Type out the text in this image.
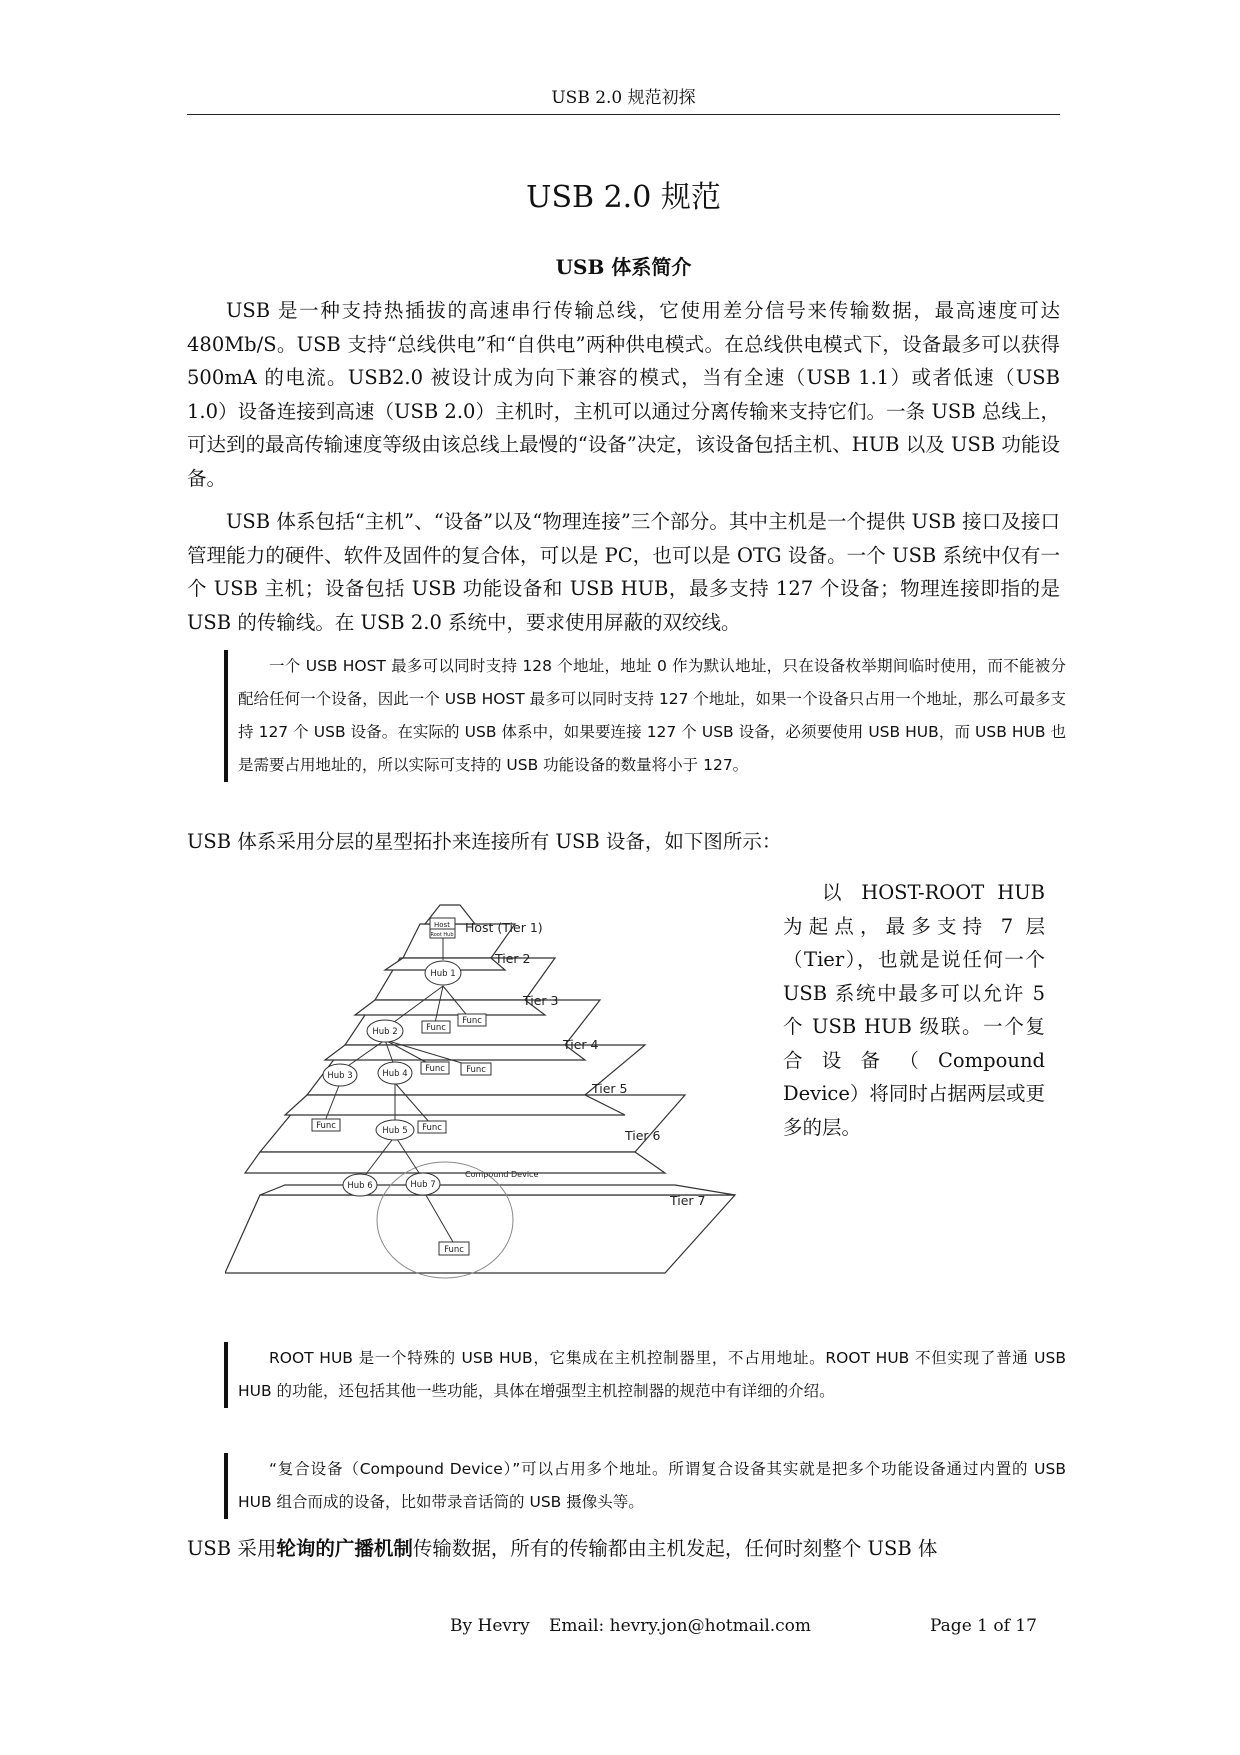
USB 2.0 规范初探
USB 2.0 规范
USB 体系简介

USB 是一种支持热插拔的高速串行传输总线，它使用差分信号来传输数据，最高速度可达 480Mb/S。USB 支持“总线供电”和“自供电”两种供电模式。在总线供电模式下，设备最多可以获得 500mA 的电流。USB2.0 被设计成为向下兼容的模式，当有全速（USB 1.1）或者低速（USB 1.0）设备连接到高速（USB 2.0）主机时，主机可以通过分离传输来支持它们。一条 USB 总线上，可达到的最高传输速度等级由该总线上最慢的“设备”决定，该设备包括主机、HUB 以及 USB 功能设备。

USB 体系包括“主机”、“设备”以及“物理连接”三个部分。其中主机是一个提供 USB 接口及接口管理能力的硬件、软件及固件的复合体，可以是 PC，也可以是 OTG 设备。一个 USB 系统中仅有一个 USB 主机；设备包括 USB 功能设备和 USB HUB，最多支持 127 个设备；物理连接即指的是 USB 的传输线。在 USB 2.0 系统中，要求使用屏蔽的双绞线。

一个 USB HOST 最多可以同时支持 128 个地址，地址 0 作为默认地址，只在设备枚举期间临时使用，而不能被分配给任何一个设备，因此一个 USB HOST 最多可以同时支持 127 个地址，如果一个设备只占用一个地址，那么可最多支持 127 个 USB 设备。在实际的 USB 体系中，如果要连接 127 个 USB 设备，必须要使用 USB HUB，而 USB HUB 也是需要占用地址的，所以实际可支持的 USB 功能设备的数量将小于 127。

USB 体系采用分层的星型拓扑来连接所有 USB 设备，如下图所示：

Host
Root Hub
Hub 1
Hub 2
Hub 3	Hub 4
Hub 5
Hub 6	Hub 7
Func
Func
Func Func
Func	Func
Func
Compound Device
Host (Tier 1)
Tier 2
Tier 3
Tier 4
Tier 5
Tier 6
Tier 7
以 HOST-ROOT HUB 为起点，最多支持 7 层（Tier），也就是说任何一个 USB 系统中最多可以允许 5 个 USB HUB 级联。一个复合设备（Compound Device）将同时占据两层或更多的层。
ROOT HUB 是一个特殊的 USB HUB，它集成在主机控制器里，不占用地址。ROOT HUB 不但实现了普通 USB HUB 的功能，还包括其他一些功能，具体在增强型主机控制器的规范中有详细的介绍。
“复合设备（Compound Device）”可以占用多个地址。所谓复合设备其实就是把多个功能设备通过内置的 USB HUB 组合而成的设备，比如带录音话筒的 USB 摄像头等。

USB 采用轮询的广播机制传输数据，所有的传输都由主机发起，任何时刻整个 USB 体

By Hevry Email: hevry.jon@hotmail.com	Page 1 of 17
